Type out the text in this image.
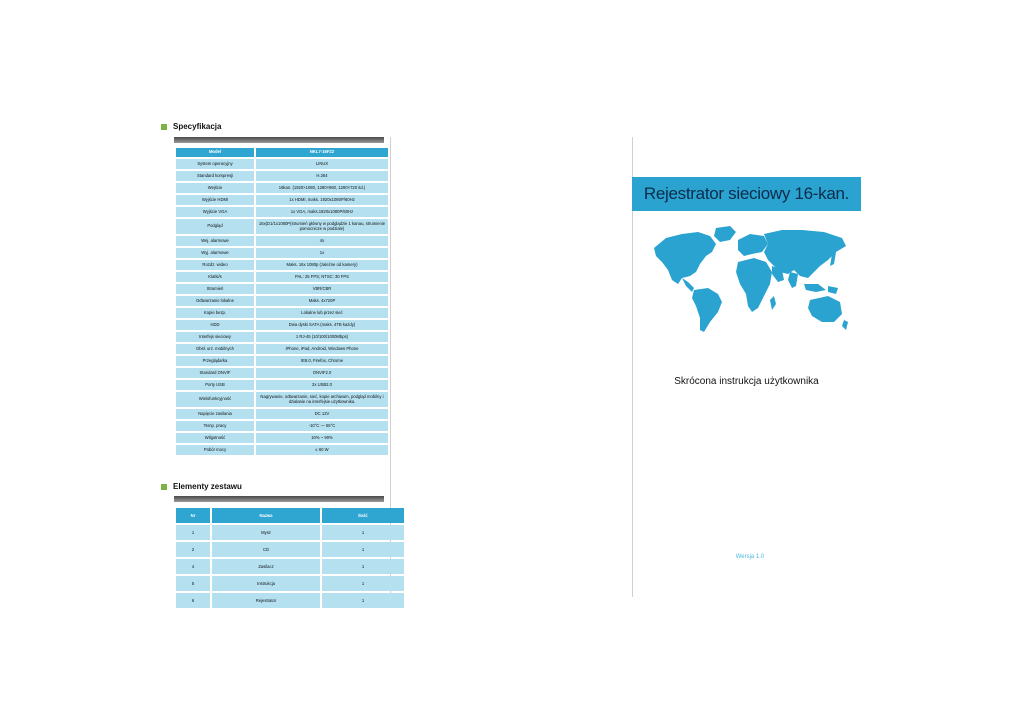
Specyfikacja
Model	NKL7-16F22
System operacyjny	LINUX
Standard kompresji	H.264
Wejście	16kan. (1920×1080, 1280×960, 1280×720 itd.)
Wyjście HDMI	1x HDMI, maks. 1920x1080P/60Hz
Wyjście VGA	1x VGA, maks.1920x1080P/60Hz
Podgląd	16x(D1/1x1080P(strumień główny w podglądzie 1 kanau, strumienie pomocnicze w podziale)
Wej. alarmowe	4x
Wyj. alarmowe	1x
Rozdz. wideo	Maks. 16x 1080p (zależne od kamery)
Klatki/s	PAL: 25 FPS; NTSC: 30 FPS
Strumień	VBR/CBR
Odtwarzanie lokalne	Maks. 4x720P
Kopie bezp.	Lokalne lub przez sieć
HDD	Dwa dyski SATA (maks. 4TB każdy)
Interfejs sieciowy	1 RJ-45 (10/100/1000Mbps)
Obsł. urz. mobilnych	iPhone, iPad, Android, Windows Phone
Przeglądarka	IE8.0, Firefox, Chrome
Standard ONVIF	ONVIF2.0
Porty USB	2x USB2.0
Wielofunkcyjność	Nagrywanie, odtwarzanie, sieć, kopie archiwum, podgląd mobilny i działanie na interfejsie użytkownika.
Napięcie zasilania	DC 12V
Temp. pracy	-10°C — 55°C
Wilgotność	10% ~ 90%
Pobór mocy	≤ 60 W
Elementy zestawu
Nr	Nazwa	Ilość
1	Mysz	1
2	CD	1
4	Zasilacz	1
5	Instrukcja	1
6	Rejestrator	1
Rejestrator sieciowy 16-kan.
Skrócona instrukcja użytkownika
Wersja 1.0
